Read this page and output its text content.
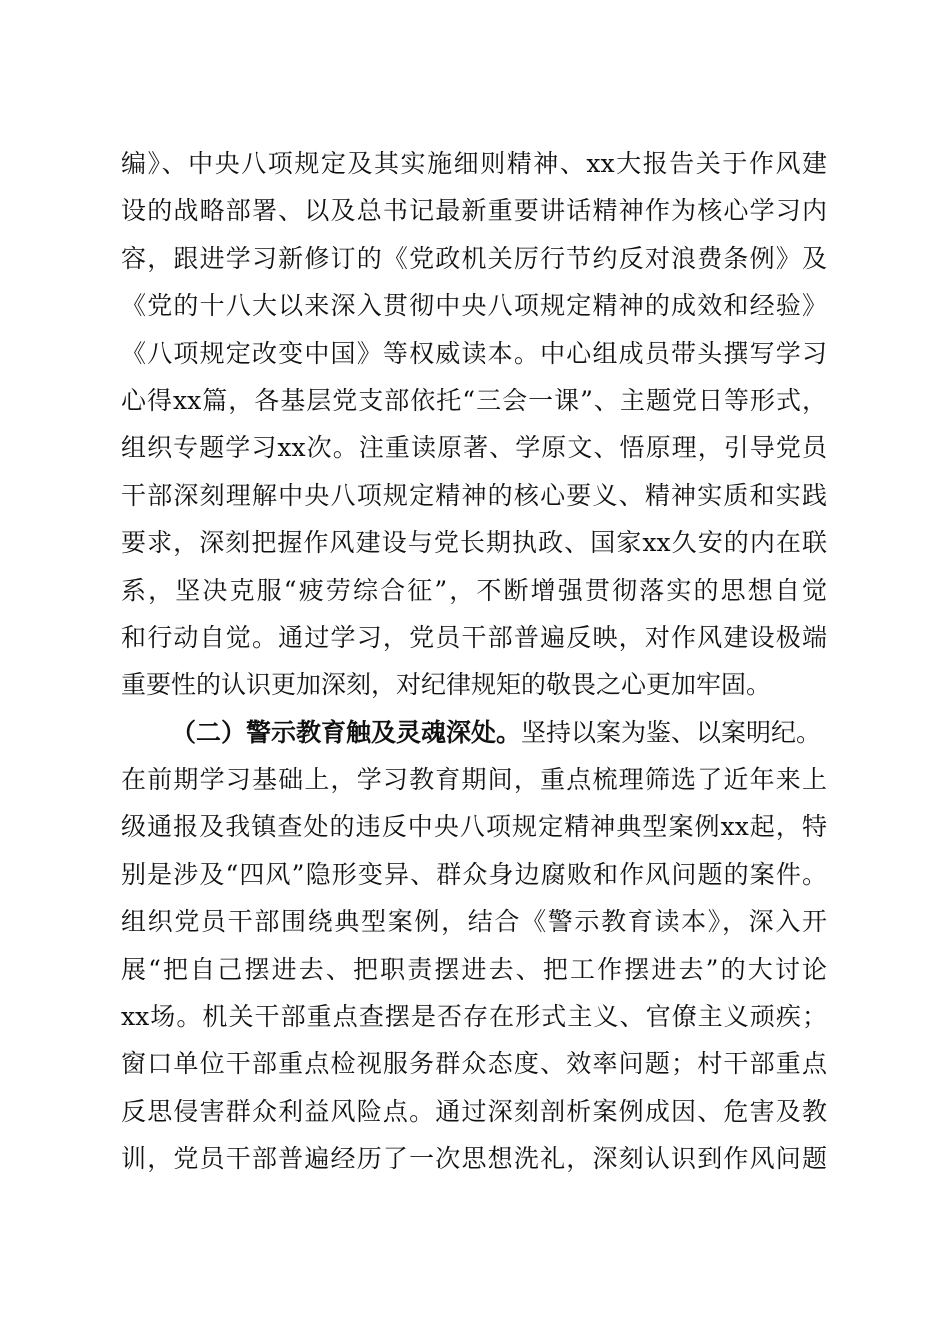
编》、中央八项规定及其实施细则精神、xx大报告关于作风建
设的战略部署、以及总书记最新重要讲话精神作为核心学习内
容，跟进学习新修订的《党政机关厉行节约反对浪费条例》及
《党的十八大以来深入贯彻中央八项规定精神的成效和经验》
《八项规定改变中国》等权威读本。中心组成员带头撰写学习
心得xx篇，各基层党支部依托“三会一课”、主题党日等形式，
组织专题学习xx次。注重读原著、学原文、悟原理，引导党员
干部深刻理解中央八项规定精神的核心要义、精神实质和实践
要求，深刻把握作风建设与党长期执政、国家xx久安的内在联
系，坚决克服“疲劳综合征”，不断增强贯彻落实的思想自觉
和行动自觉。通过学习，党员干部普遍反映，对作风建设极端
重要性的认识更加深刻，对纪律规矩的敬畏之心更加牢固。
（二）警示教育触及灵魂深处。坚持以案为鉴、以案明纪。
在前期学习基础上，学习教育期间，重点梳理筛选了近年来上
级通报及我镇查处的违反中央八项规定精神典型案例xx起，特
别是涉及“四风”隐形变异、群众身边腐败和作风问题的案件。
组织党员干部围绕典型案例，结合《警示教育读本》，深入开
展“把自己摆进去、把职责摆进去、把工作摆进去”的大讨论
xx场。机关干部重点查摆是否存在形式主义、官僚主义顽疾；
窗口单位干部重点检视服务群众态度、效率问题；村干部重点
反思侵害群众利益风险点。通过深刻剖析案例成因、危害及教
训，党员干部普遍经历了一次思想洗礼，深刻认识到作风问题
